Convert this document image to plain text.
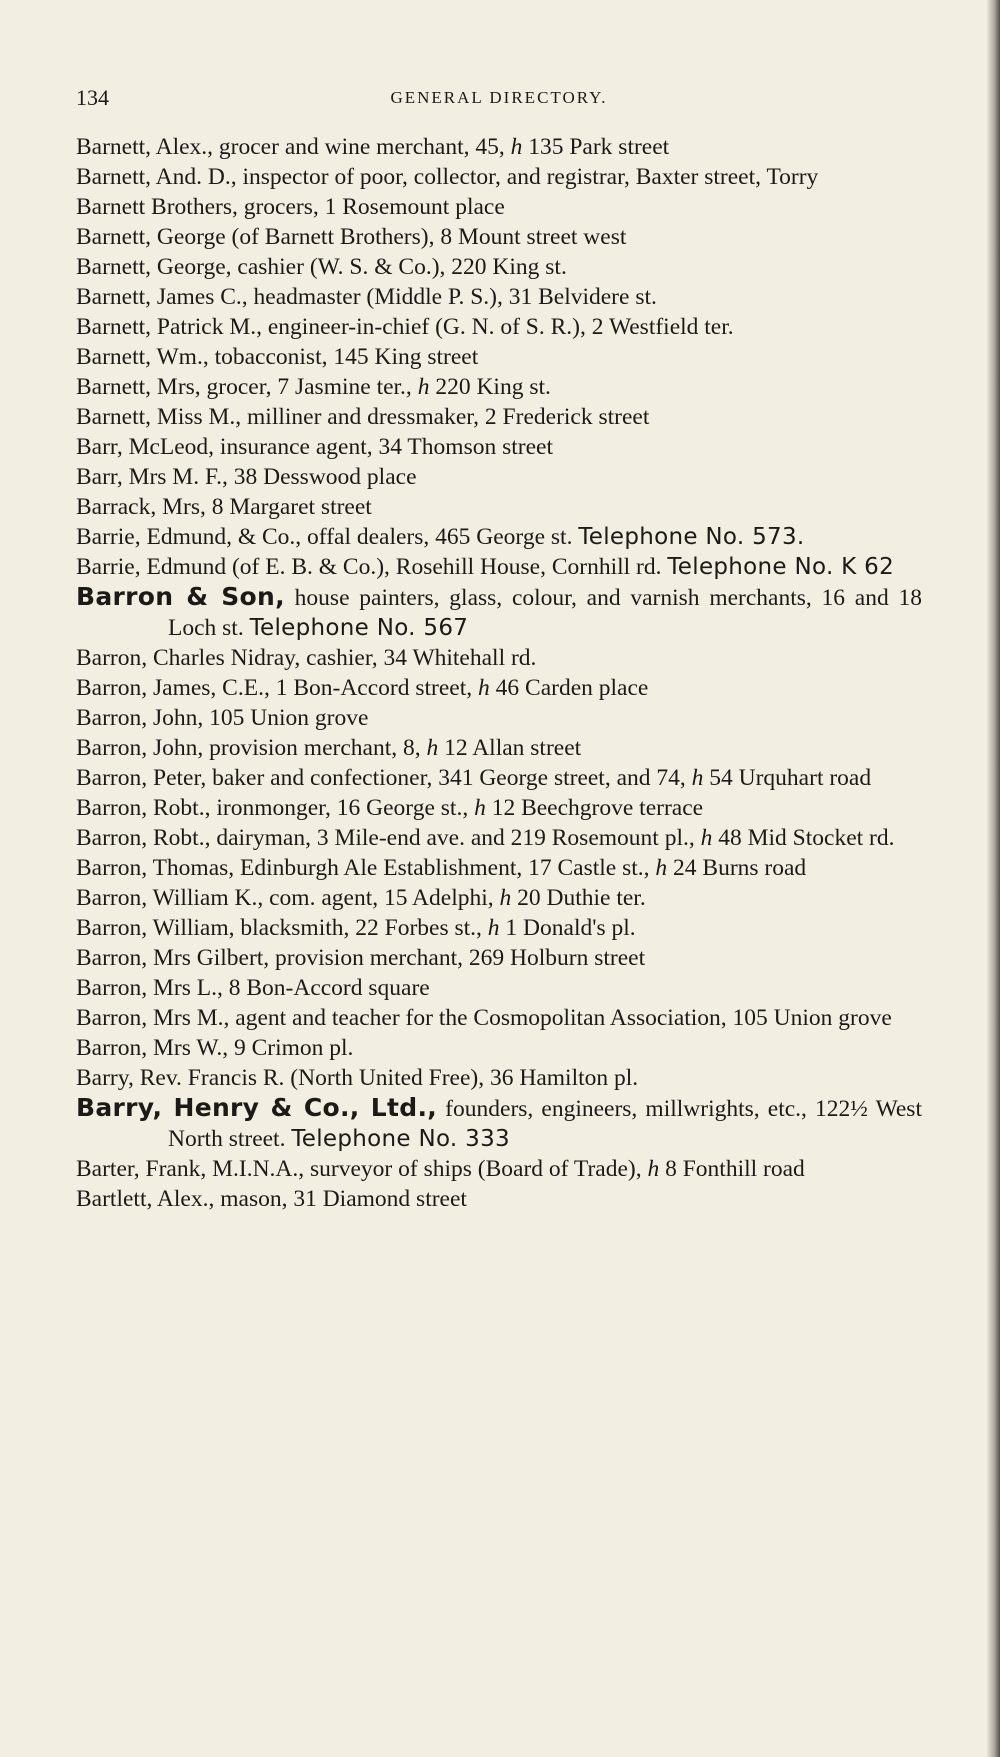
134	GENERAL DIRECTORY.
Barnett, Alex., grocer and wine merchant, 45, h 135 Park street
Barnett, And. D., inspector of poor, collector, and registrar, Baxter street, Torry
Barnett Brothers, grocers, 1 Rosemount place
Barnett, George (of Barnett Brothers), 8 Mount street west
Barnett, George, cashier (W. S. & Co.), 220 King st.
Barnett, James C., headmaster (Middle P. S.), 31 Belvidere st.
Barnett, Patrick M., engineer-in-chief (G. N. of S. R.), 2 Westfield ter.
Barnett, Wm., tobacconist, 145 King street
Barnett, Mrs, grocer, 7 Jasmine ter., h 220 King st.
Barnett, Miss M., milliner and dressmaker, 2 Frederick street
Barr, McLeod, insurance agent, 34 Thomson street
Barr, Mrs M. F., 38 Desswood place
Barrack, Mrs, 8 Margaret street
Barrie, Edmund, & Co., offal dealers, 465 George st. Telephone No. 573.
Barrie, Edmund (of E. B. & Co.), Rosehill House, Cornhill rd. Telephone No. K 62
Barron & Son, house painters, glass, colour, and varnish merchants, 16 and 18 Loch st. Telephone No. 567
Barron, Charles Nidray, cashier, 34 Whitehall rd.
Barron, James, C.E., 1 Bon-Accord street, h 46 Carden place
Barron, John, 105 Union grove
Barron, John, provision merchant, 8, h 12 Allan street
Barron, Peter, baker and confectioner, 341 George street, and 74, h 54 Urquhart road
Barron, Robt., ironmonger, 16 George st., h 12 Beechgrove terrace
Barron, Robt., dairyman, 3 Mile-end ave. and 219 Rosemount pl., h 48 Mid Stocket rd.
Barron, Thomas, Edinburgh Ale Establishment, 17 Castle st., h 24 Burns road
Barron, William K., com. agent, 15 Adelphi, h 20 Duthie ter.
Barron, William, blacksmith, 22 Forbes st., h 1 Donald's pl.
Barron, Mrs Gilbert, provision merchant, 269 Holburn street
Barron, Mrs L., 8 Bon-Accord square
Barron, Mrs M., agent and teacher for the Cosmopolitan Association, 105 Union grove
Barron, Mrs W., 9 Crimon pl.
Barry, Rev. Francis R. (North United Free), 36 Hamilton pl.
Barry, Henry & Co., Ltd., founders, engineers, millwrights, etc., 122½ West North street. Telephone No. 333
Barter, Frank, M.I.N.A., surveyor of ships (Board of Trade), h 8 Fonthill road
Bartlett, Alex., mason, 31 Diamond street
